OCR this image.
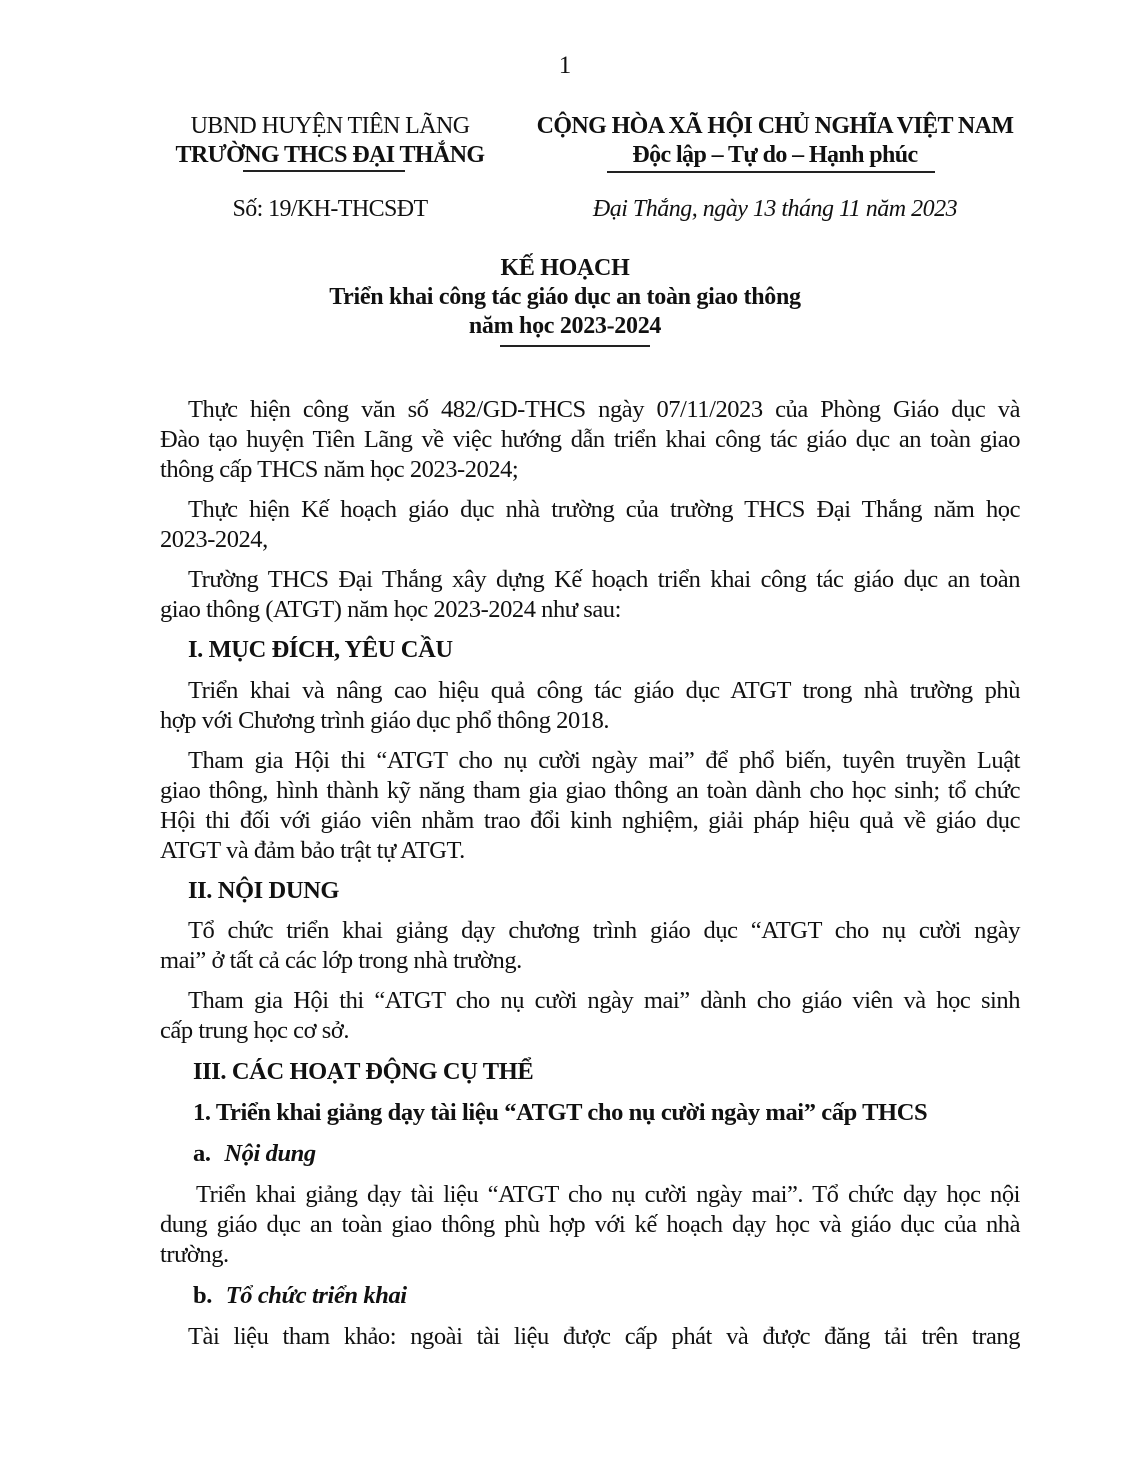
1
UBND HUYỆN TIÊN LÃNG
TRƯỜNG THCS ĐẠI THẮNG
Số: 19/KH-THCSĐT
CỘNG HÒA XÃ HỘI CHỦ NGHĨA VIỆT NAM
Độc lập – Tự do – Hạnh phúc
Đại Thắng, ngày 13 tháng 11 năm 2023
KẾ HOẠCH
Triển khai công tác giáo dục an toàn giao thông
năm học 2023-2024
Thực hiện công văn số 482/GD-THCS ngày 07/11/2023 của Phòng Giáo dục và
Đào tạo huyện Tiên Lãng về việc hướng dẫn triển khai công tác giáo dục an toàn giao
thông cấp THCS năm học 2023-2024;
Thực hiện Kế hoạch giáo dục nhà trường của trường THCS Đại Thắng năm học
2023-2024,
Trường THCS Đại Thắng xây dựng Kế hoạch triển khai công tác giáo dục an toàn
giao thông (ATGT) năm học 2023-2024 như sau:
I. MỤC ĐÍCH, YÊU CẦU
Triển khai và nâng cao hiệu quả công tác giáo dục ATGT trong nhà trường phù
hợp với Chương trình giáo dục phổ thông 2018.
Tham gia Hội thi “ATGT cho nụ cười ngày mai” để phổ biến, tuyên truyền Luật
giao thông, hình thành kỹ năng tham gia giao thông an toàn dành cho học sinh; tổ chức
Hội thi đối với giáo viên nhằm trao đổi kinh nghiệm, giải pháp hiệu quả về giáo dục
ATGT và đảm bảo trật tự ATGT.
II. NỘI DUNG
Tổ chức triển khai giảng dạy chương trình giáo dục “ATGT cho nụ cười ngày
mai” ở tất cả các lớp trong nhà trường.
Tham gia Hội thi “ATGT cho nụ cười ngày mai” dành cho giáo viên và học sinh
cấp trung học cơ sở.
III. CÁC HOẠT ĐỘNG CỤ THỂ
1. Triển khai giảng dạy tài liệu “ATGT cho nụ cười ngày mai” cấp THCS
a. Nội dung
Triển khai giảng dạy tài liệu “ATGT cho nụ cười ngày mai”. Tổ chức dạy học nội
dung giáo dục an toàn giao thông phù hợp với kế hoạch dạy học và giáo dục của nhà
trường.
b. Tổ chức triển khai
Tài liệu tham khảo: ngoài tài liệu được cấp phát và được đăng tải trên trang
